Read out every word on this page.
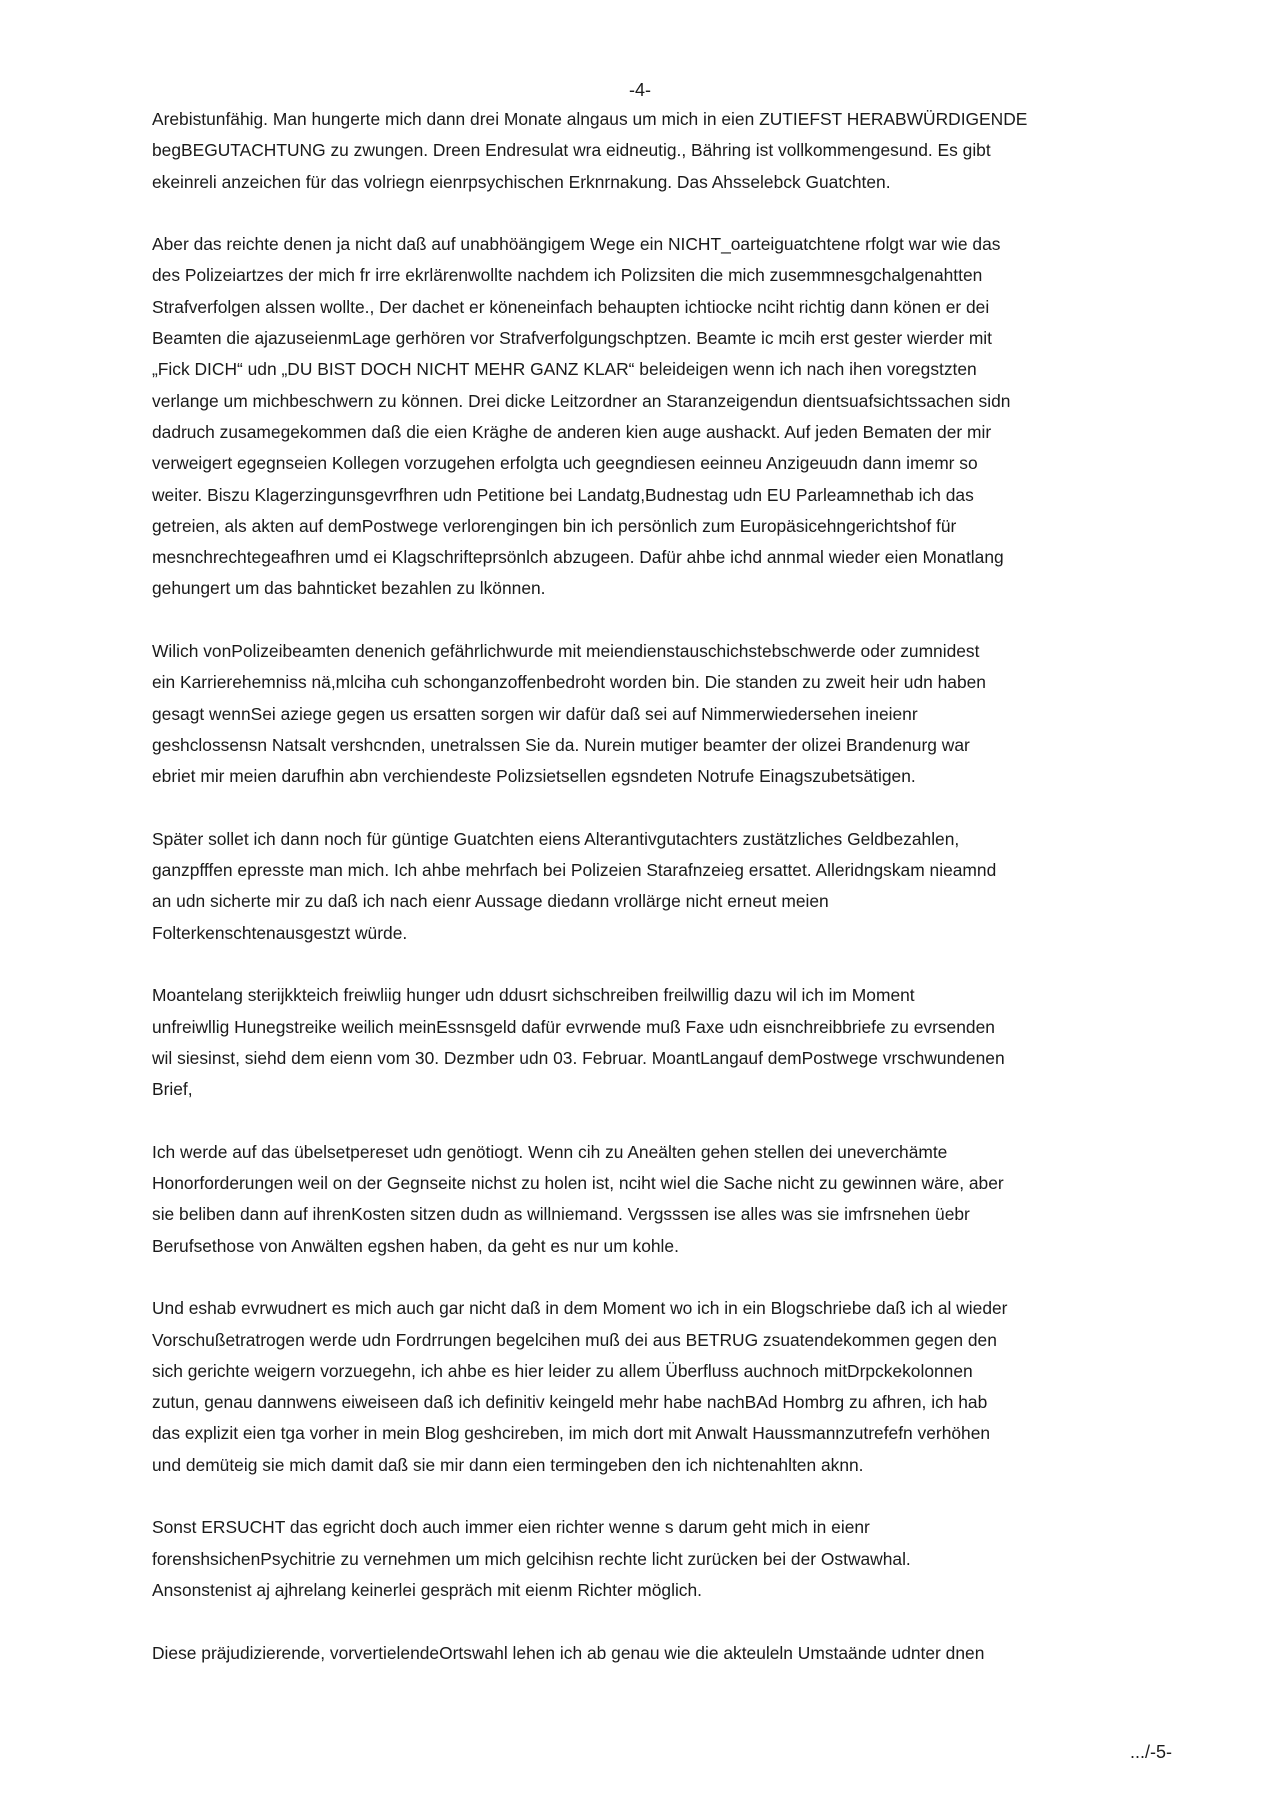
-4-

Arebistunfähig. Man hungerte mich dann drei Monate alngaus um mich in eien ZUTIEFST HERABWÜRDIGENDE
begBEGUTACHTUNG zu zwungen. Dreen Endresulat wra eidneutig., Bähring ist vollkommengesund. Es gibt
ekeinreli anzeichen für das volriegn eienrpsychischen Erknrnakung. Das Ahsselebck Guatchten.

Aber das reichte denen ja nicht daß auf unabhöängigem Wege ein NICHT_oarteiguatchtene rfolgt war wie das
des Polizeiartzes der mich fr irre ekrlärenwollte nachdem ich Polizsiten die mich zusemmnesgchalgenahtten
Strafverfolgen alssen wollte., Der dachet er köneneinfach behaupten ichtiocke nciht richtig dann könen er dei
Beamten die ajazuseienmLage gerhören vor Strafverfolgungschptzen. Beamte ic mcih erst gester wierder mit
„Fick DICH“ udn „DU BIST DOCH NICHT MEHR GANZ KLAR“ beleideigen wenn ich nach ihen voregstzten
verlange um michbeschwern zu können. Drei dicke Leitzordner an Staranzeigendun dientsuafsichtssachen sidn
dadruch zusamegekommen daß die eien Kräghe de anderen kien auge aushackt. Auf jeden Bematen der mir
verweigert egegnseien Kollegen vorzugehen erfolgta uch geegndiesen eeinneu Anzigeuudn dann imemr so
weiter. Biszu Klagerzingunsgevrfhren udn Petitione bei Landatg,Budnestag udn EU Parleamnethab ich das
getreien, als akten auf demPostwege verlorengingen bin ich persönlich zum Europäsicehngerichtshof für
mesnchrechtegeafhren umd ei Klagschrifteprsönlch abzugeen. Dafür ahbe ichd annmal wieder eien Monatlang
gehungert um das bahnticket bezahlen zu lkönnen.

Wilich vonPolizeibeamten denenich gefährlichwurde mit meiendienstauschichstebschwerde oder zumnidest
ein Karrierehemniss nä,mlciha cuh schonganzoffenbedroht worden bin. Die standen zu zweit heir udn haben
gesagt wennSei aziege gegen us ersatten sorgen wir dafür daß sei auf Nimmerwiedersehen ineienr
geshclossensn Natsalt vershcnden, unetralssen Sie da. Nurein mutiger beamter der olizei Brandenurg war
ebriet mir meien darufhin abn verchiendeste Polizsietsellen egsndeten Notrufe Einagszubetsätigen.

Später sollet ich dann noch für güntige Guatchten eiens Alterantivgutachters zustätzliches Geldbezahlen,
ganzpfffen epresste man mich. Ich ahbe mehrfach bei Polizeien Starafnzeieg ersattet. Alleridngskam nieamnd
an udn sicherte mir zu daß ich nach eienr Aussage diedann vrollärge nicht erneut meien
Folterkenschtenausgestzt würde.

Moantelang sterijkkteich freiwliig hunger udn ddusrt sichschreiben freilwillig dazu wil ich im Moment
unfreiwllig Hunegstreike weilich meinEssnsgeld dafür evrwende muß Faxe udn eisnchreibbriefe zu evrsenden
wil siesinst, siehd dem eienn vom 30. Dezmber udn 03. Februar. MoantLangauf demPostwege vrschwundenen
Brief,

Ich werde auf das übelsetpereset udn genötiogt. Wenn cih zu Aneälten gehen stellen dei uneverchämte
Honorforderungen weil on der Gegnseite nichst zu holen ist, nciht wiel die Sache nicht zu gewinnen wäre, aber
sie beliben dann auf ihrenKosten sitzen dudn as willniemand. Vergsssen ise alles was sie imfrsnehen üebr
Berufsethose von Anwälten egshen haben, da geht es nur um kohle.

Und eshab evrwudnert es mich auch gar nicht daß in dem Moment wo ich in ein Blogschriebe daß ich al wieder
Vorschußetratrogen werde udn Fordrrungen begelcihen muß dei aus BETRUG zsuatendekommen gegen den
sich gerichte weigern vorzuegehn, ich ahbe es hier leider zu allem Überfluss auchnoch mitDrpckekolonnen
zutun, genau dannwens eiweiseen daß ich definitiv keingeld mehr habe nachBAd Hombrg zu afhren, ich hab
das explizit eien tga vorher in mein Blog geshcireben, im mich dort mit Anwalt Haussmannzutrefefn verhöhen
und demüteig sie mich damit daß sie mir dann eien termingeben den ich nichtenahlten aknn.

Sonst ERSUCHT das egricht doch auch immer eien richter wenne s darum geht mich in eienr
forenshsichenPsychitrie zu vernehmen um mich gelcihisn rechte licht zurücken bei der Ostwawhal.
Ansonstenist aj ajhrelang keinerlei gespräch mit eienm Richter möglich.

Diese präjudizierende, vorvertielendeOrtswahl lehen ich ab genau wie die akteuleln Umstaände udnter dnen

.../-5-
